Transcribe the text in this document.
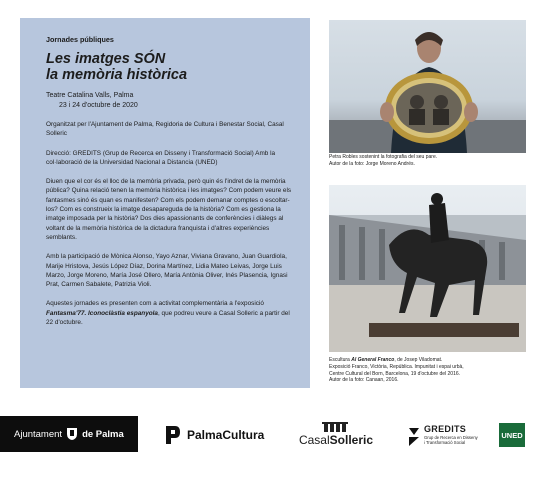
Jornades públiques
Les imatges SÓN
la memòria històrica
Teatre Catalina Valls, Palma
23 i 24 d'octubre de 2020

Organitzat per l'Ajuntament de Palma, Regidoria de Cultura i Benestar Social, Casal Solleric

Direcció: GREDITS (Grup de Recerca en Disseny i Transformació Social) Amb la col·laboració de la Universidad Nacional a Distancia (UNED)

Diuen que el cor és el lloc de la memòria privada, però quin és l'indret de la memòria pública? Quina relació tenen la memòria històrica i les imatges? Com podem veure els fantasmes sinó és quan es manifesten? Com els podem demanar comptes o escoltar-los? Com es construeix la imatge desapareguda de la història? Com es gestiona la imatge imposada per la història? Dos dies apassionants de conferències i diàlegs al voltant de la memòria històrica de la dictadura franquista i d'altres experiències semblants.

Amb la participació de Mònica Alonso, Yayo Aznar, Viviana Gravano, Juan Guardiola, Marije Hristova, Jesús López Díaz, Dorina Martínez, Lidia Mateo Leivas, Jorge Luis Marzo, Jorge Moreno, María José Ollero, María Antònia Oliver, Inés Plasencia, Ignasi Prat, Carmen Sabalete, Patrizia Violi.

Aquestes jornades es presenten com a activitat complementària a l'exposició Fantasma'77. Iconoclàstia espanyola, que podreu veure a Casal Solleric a partir del 22 d'octubre.

Petra Robles sostenint la fotografia del seu pare.
Autor de la foto: Jorge Moreno Andrés.
Escultura Al General Franco, de Josep Viladomat.
Exposició Franco, Victòria, República. Impunitat i espai urbà,
Centre Cultural del Born, Barcelona, 19 d'octubre del 2016.
Autor de la foto: Canaan, 2016.
Ajuntament de Palma	PalmaCultura	CasalSolleric
GREDITS
Grup de Recerca en Disseny
i Transformació Social
UNED
